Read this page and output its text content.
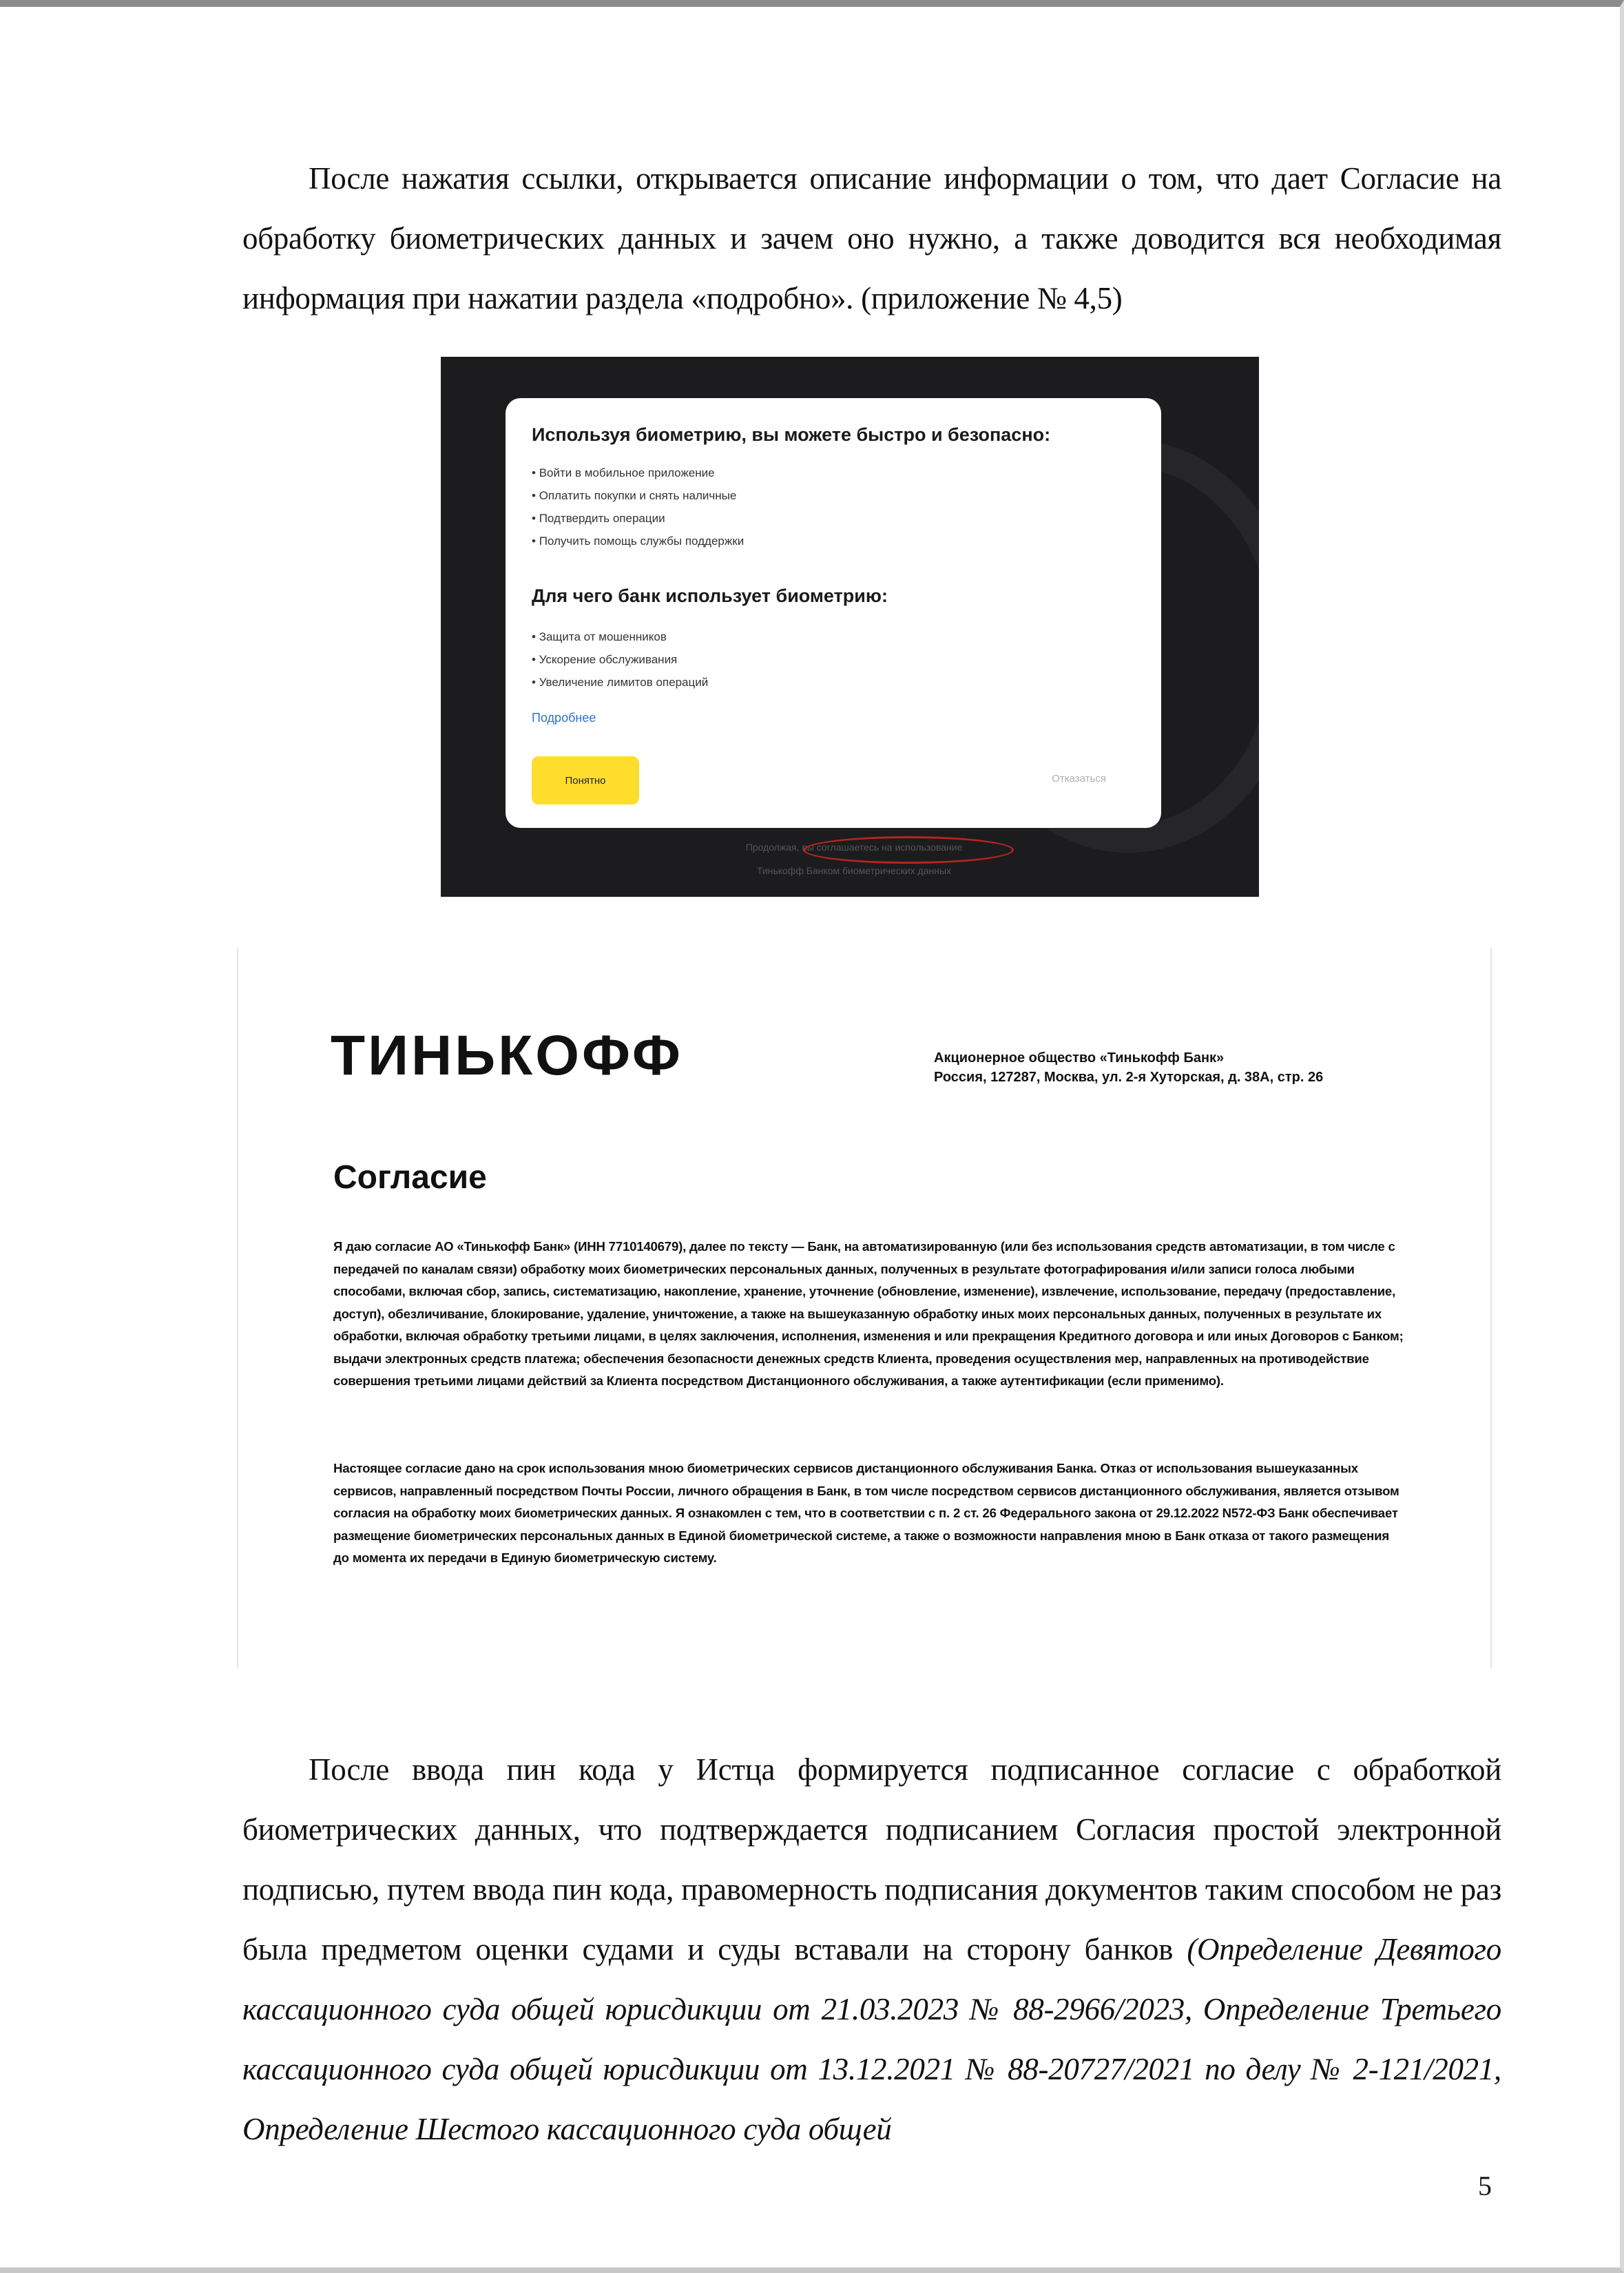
После нажатия ссылки, открывается описание информации о том, что дает Согласие на обработку биометрических данных и зачем оно нужно, а также доводится вся необходимая информация при нажатии раздела «подробно». (приложение № 4,5)

Используя биометрию, вы можете быстро и безопасно:
• Войти в мобильное приложение
• Оплатить покупки и снять наличные
• Подтвердить операции
• Получить помощь службы поддержки
Для чего банк использует биометрию:
• Защита от мошенников
• Ускорение обслуживания
• Увеличение лимитов операций
Подробнее
Понятно	Отказаться
Продолжая, вы соглашаетесь на использование
Тинькофф Банком биометрических данных
ТИНЬКОФФ	Акционерное общество «Тинькофф Банк»
Россия, 127287, Москва, ул. 2-я Хуторская, д. 38А, стр. 26
Согласие

Я даю согласие АО «Тинькофф Банк» (ИНН 7710140679), далее по тексту — Банк, на автоматизированную (или без использования средств автоматизации, в том числе с передачей по каналам связи) обработку моих биометрических персональных данных, полученных в результате фотографирования и/или записи голоса любыми способами, включая сбор, запись, систематизацию, накопление, хранение, уточнение (обновление, изменение), извлечение, использование, передачу (предоставление, доступ), обезличивание, блокирование, удаление, уничтожение, а также на вышеуказанную обработку иных моих персональных данных, полученных в результате их обработки, включая обработку третьими лицами, в целях заключения, исполнения, изменения и или прекращения Кредитного договора и или иных Договоров с Банком; выдачи электронных средств платежа; обеспечения безопасности денежных средств Клиента, проведения осуществления мер, направленных на противодействие совершения третьими лицами действий за Клиента посредством Дистанционного обслуживания, а также аутентификации (если применимо).

Настоящее согласие дано на срок использования мною биометрических сервисов дистанционного обслуживания Банка. Отказ от использования вышеуказанных сервисов, направленный посредством Почты России, личного обращения в Банк, в том числе посредством сервисов дистанционного обслуживания, является отзывом согласия на обработку моих биометрических данных. Я ознакомлен с тем, что в соответствии с п. 2 ст. 26 Федерального закона от 29.12.2022 N572-ФЗ Банк обеспечивает размещение биометрических персональных данных в Единой биометрической системе, а также о возможности направления мною в Банк отказа от такого размещения до момента их передачи в Единую биометрическую систему.

После ввода пин кода у Истца формируется подписанное согласие с обработкой биометрических данных, что подтверждается подписанием Согласия простой электронной подписью, путем ввода пин кода, правомерность подписания документов таким способом не раз была предметом оценки судами и суды вставали на сторону банков (Определение Девятого кассационного суда общей юрисдикции от 21.03.2023 № 88-2966/2023, Определение Третьего кассационного суда общей юрисдикции от 13.12.2021 № 88-20727/2021 по делу № 2-121/2021, Определение Шестого кассационного суда общей

5
